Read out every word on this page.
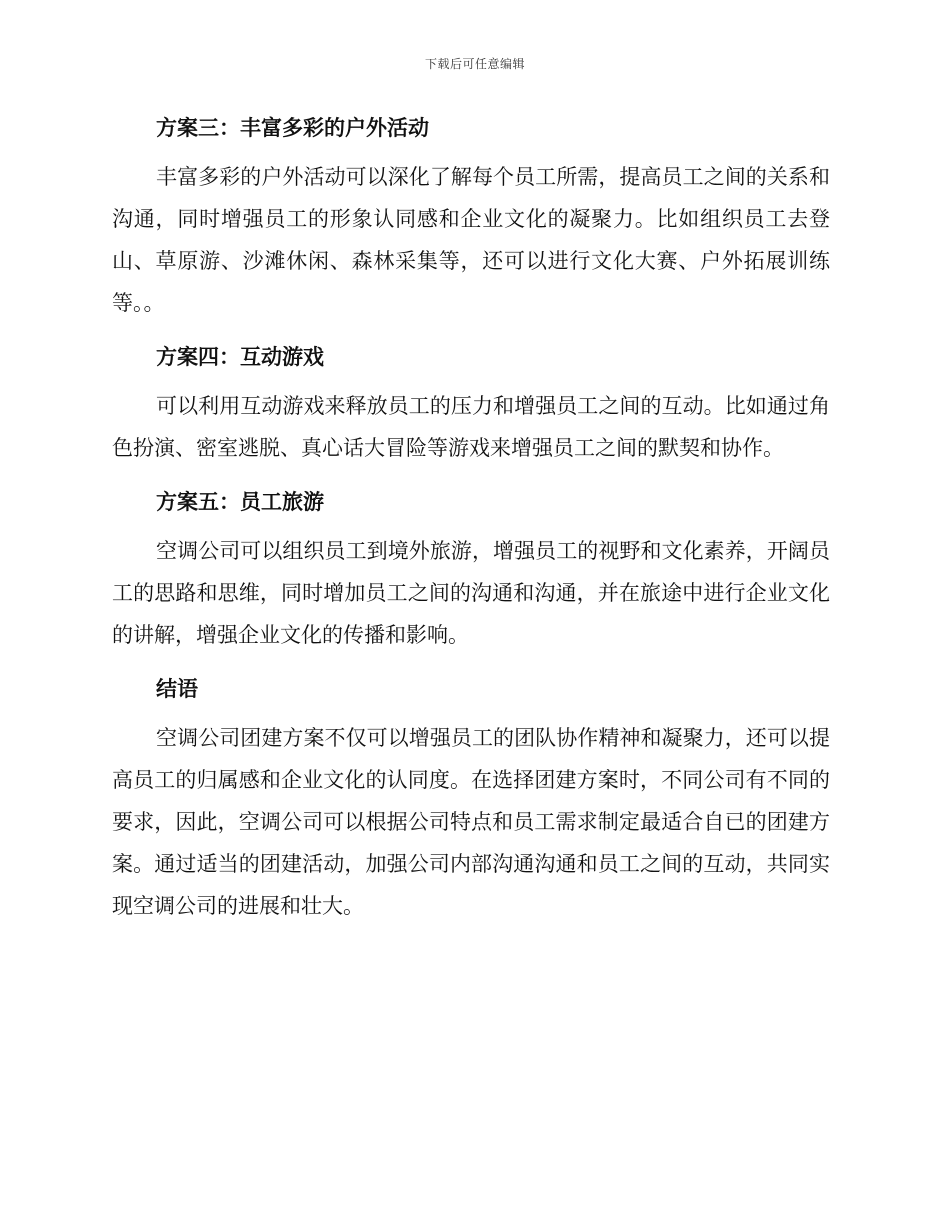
下载后可任意编辑
方案三：丰富多彩的户外活动

丰富多彩的户外活动可以深化了解每个员工所需，提高员工之间的关系和沟通，同时增强员工的形象认同感和企业文化的凝聚力。比如组织员工去登山、草原游、沙滩休闲、森林采集等，还可以进行文化大赛、户外拓展训练等。。

方案四：互动游戏

可以利用互动游戏来释放员工的压力和增强员工之间的互动。比如通过角色扮演、密室逃脱、真心话大冒险等游戏来增强员工之间的默契和协作。

方案五：员工旅游

空调公司可以组织员工到境外旅游，增强员工的视野和文化素养，开阔员工的思路和思维，同时增加员工之间的沟通和沟通，并在旅途中进行企业文化的讲解，增强企业文化的传播和影响。

结语

空调公司团建方案不仅可以增强员工的团队协作精神和凝聚力，还可以提高员工的归属感和企业文化的认同度。在选择团建方案时，不同公司有不同的要求，因此，空调公司可以根据公司特点和员工需求制定最适合自已的团建方案。通过适当的团建活动，加强公司内部沟通沟通和员工之间的互动，共同实现空调公司的进展和壮大。
